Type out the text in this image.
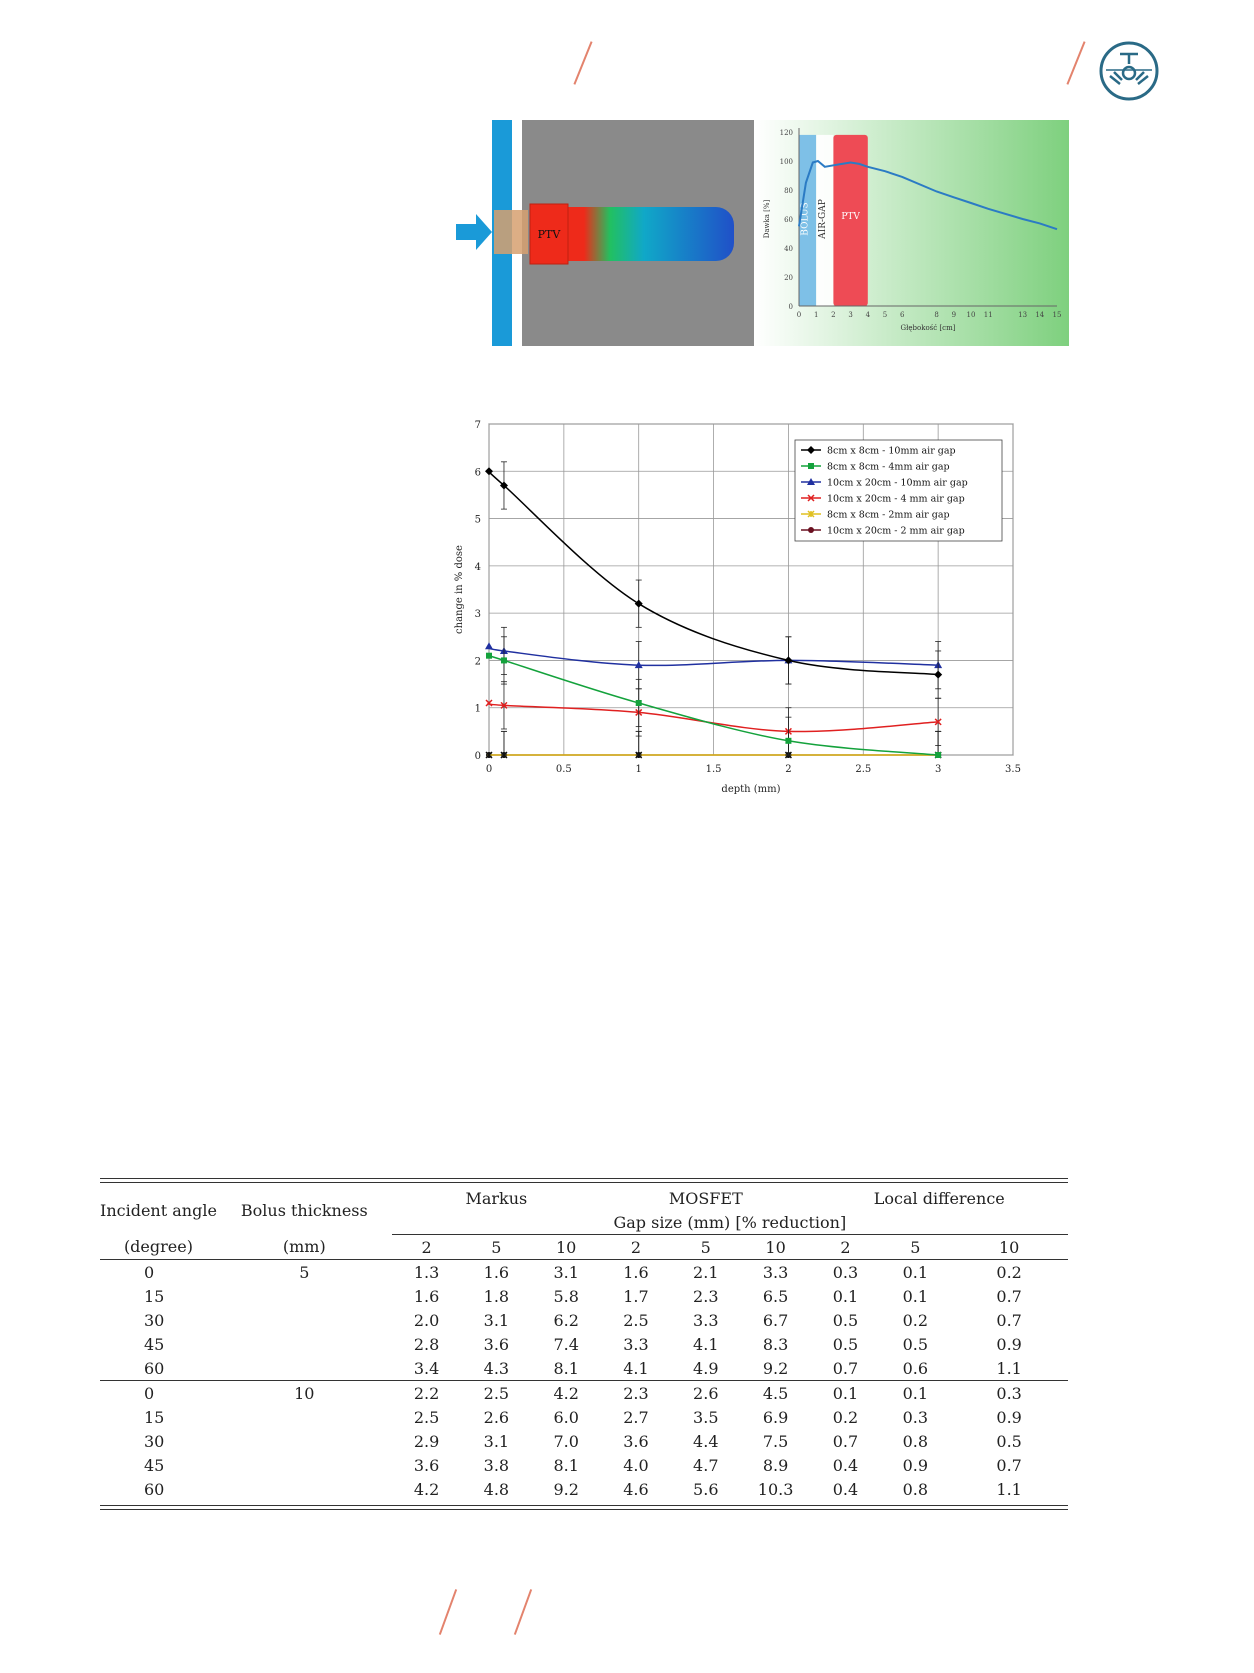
PTV	BOLUS AIR-GAP PTV
0
20
40
60
80
100
120
0 1 2 3 4 5 6	8 9 10 11	13 14 15
Głębokość [cm]
Dawka [%]
0	0.5	1	1.5	2	2.5	3	3.5
0
1
2
3
4
5
6
7
depth (mm)
change in % dose
8cm x 8cm - 10mm air gap
8cm x 8cm - 4mm air gap
10cm x 20cm - 10mm air gap
10cm x 20cm - 4 mm air gap
8cm x 8cm - 2mm air gap
10cm x 20cm - 2 mm air gap
Incident angle	Bolus thickness	Markus			MOSFET			Local difference		
		Gap size (mm) [% reduction]								
(degree)	(mm)	2	5	10	2	5	10	2	5	10
0	5	1.3	1.6	3.1	1.6	2.1	3.3	0.3	0.1	0.2
15		1.6	1.8	5.8	1.7	2.3	6.5	0.1	0.1	0.7
30		2.0	3.1	6.2	2.5	3.3	6.7	0.5	0.2	0.7
45		2.8	3.6	7.4	3.3	4.1	8.3	0.5	0.5	0.9
60		3.4	4.3	8.1	4.1	4.9	9.2	0.7	0.6	1.1
0	10	2.2	2.5	4.2	2.3	2.6	4.5	0.1	0.1	0.3
15		2.5	2.6	6.0	2.7	3.5	6.9	0.2	0.3	0.9
30		2.9	3.1	7.0	3.6	4.4	7.5	0.7	0.8	0.5
45		3.6	3.8	8.1	4.0	4.7	8.9	0.4	0.9	0.7
60		4.2	4.8	9.2	4.6	5.6	10.3	0.4	0.8	1.1
